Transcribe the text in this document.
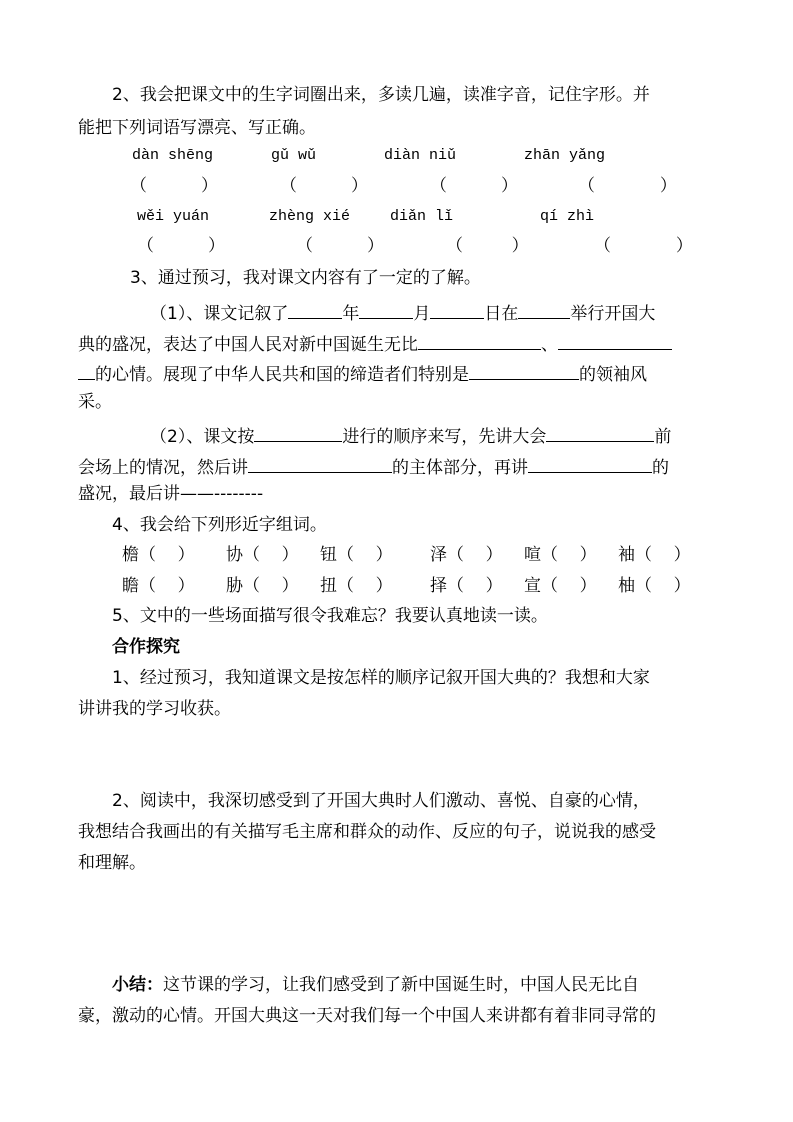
2、我会把课文中的生字词圈出来，多读几遍，读准字音，记住字形。并
能把下列词语写漂亮、写正确。
dàn shēng	gǔ wǔ	diàn niǔ	zhān yǎng
（          ）	（          ）	（          ）	（            ）
wěi yuán	zhèng xié	diǎn lǐ	qí zhì
（          ）	（          ）	（         ）	（            ）
3、通过预习，我对课文内容有了一定的了解。
（1）、课文记叙了	年	月	日在	举行开国大
典的盛况，表达了中国人民对新中国诞生无比	、
的心情。展现了中华人民共和国的缔造者们特别是	的领袖风
采。
（2）、课文按	进行的顺序来写，先讲大会	前
会场上的情况，然后讲	的主体部分，再讲	的
盛况，最后讲——--------
4、我会给下列形近字组词。
檐（    ） 协（    ） 钮（    ） 泽（    ） 喧（    ） 袖（    ）
瞻（    ） 胁（    ） 扭（    ） 择（    ） 宣（    ） 柚（    ）
5、文中的一些场面描写很令我难忘？我要认真地读一读。
合作探究
1、经过预习，我知道课文是按怎样的顺序记叙开国大典的？我想和大家
讲讲我的学习收获。
2、阅读中，我深切感受到了开国大典时人们激动、喜悦、自豪的心情，
我想结合我画出的有关描写毛主席和群众的动作、反应的句子，说说我的感受
和理解。
小结：这节课的学习，让我们感受到了新中国诞生时，中国人民无比自
豪，激动的心情。开国大典这一天对我们每一个中国人来讲都有着非同寻常的
